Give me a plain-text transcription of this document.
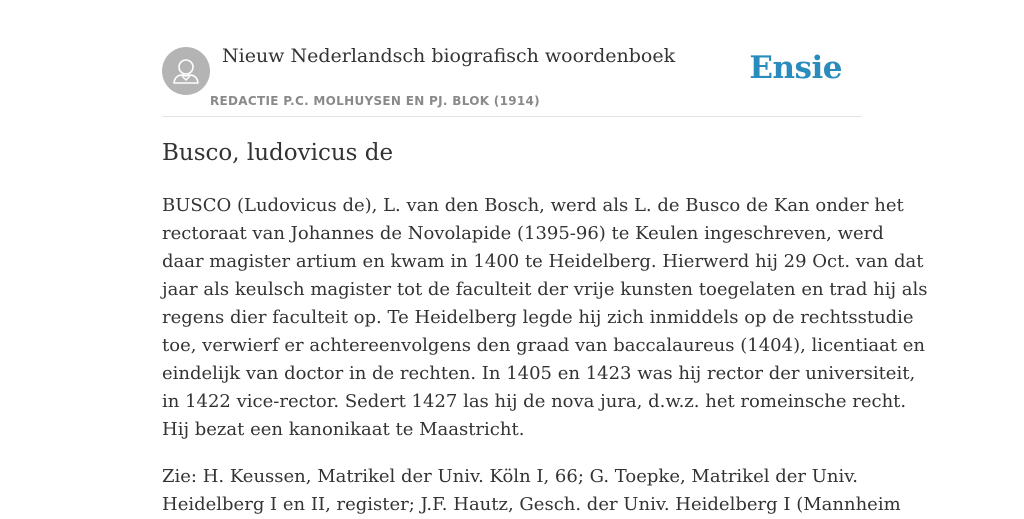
Nieuw Nederlandsch biografisch woordenboek
REDACTIE P.C. MOLHUYSEN EN PJ. BLOK (1914)
Ensie
Busco, ludovicus de

BUSCO (Ludovicus de), L. van den Bosch, werd als L. de Busco de Kan onder het
rectoraat van Johannes de Novolapide (1395-96) te Keulen ingeschreven, werd
daar magister artium en kwam in 1400 te Heidelberg. Hierwerd hij 29 Oct. van dat
jaar als keulsch magister tot de faculteit der vrije kunsten toegelaten en trad hij als
regens dier faculteit op. Te Heidelberg legde hij zich inmiddels op de rechtsstudie
toe, verwierf er achtereenvolgens den graad van baccalaureus (1404), licentiaat en
eindelijk van doctor in de rechten. In 1405 en 1423 was hij rector der universiteit,
in 1422 vice-rector. Sedert 1427 las hij de nova jura, d.w.z. het romeinsche recht.
Hij bezat een kanonikaat te Maastricht.

Zie: H. Keussen, Matrikel der Univ. Köln I, 66; G. Toepke, Matrikel der Univ.
Heidelberg I en II, register; J.F. Hautz, Gesch. der Univ. Heidelberg I (Mannheim
